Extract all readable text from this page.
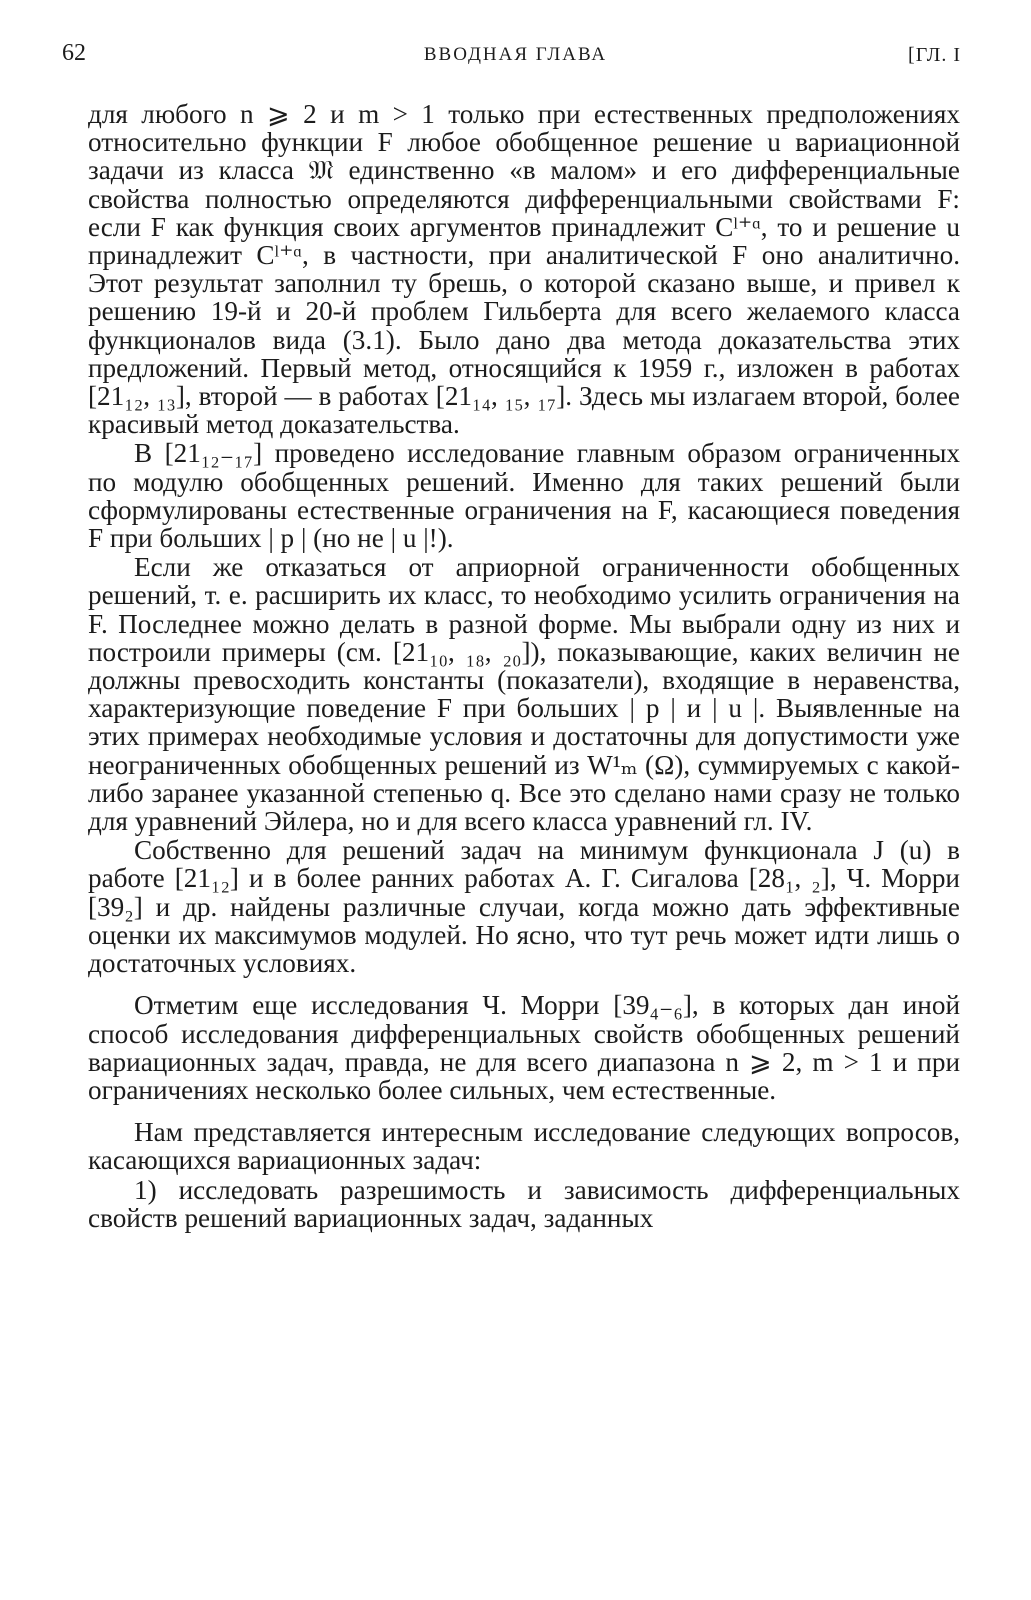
62	ВВОДНАЯ ГЛАВА	[ГЛ. I

для любого n ⩾ 2 и m > 1 только при естественных предположениях относительно функции F любое обобщенное решение u вариационной задачи из класса 𝔐 единственно «в малом» и его дифференциальные свойства полностью определяются дифференциальными свойствами F: если F как функция своих аргументов принадлежит Cˡ⁺ᵅ, то и решение u принадлежит Cˡ⁺ᵅ, в частности, при аналитической F оно аналитично. Этот результат заполнил ту брешь, о которой сказано выше, и привел к решению 19-й и 20-й проблем Гильберта для всего желаемого класса функционалов вида (3.1). Было дано два метода доказательства этих предложений. Первый метод, относящийся к 1959 г., изложен в работах [21₁₂, ₁₃], второй — в работах [21₁₄, ₁₅, ₁₇]. Здесь мы излагаем второй, более красивый метод доказательства.

В [21₁₂₋₁₇] проведено исследование главным образом ограниченных по модулю обобщенных решений. Именно для таких решений были сформулированы естественные ограничения на F, касающиеся поведения F при больших | p | (но не | u |!).

Если же отказаться от априорной ограниченности обобщенных решений, т. е. расширить их класс, то необходимо усилить ограничения на F. Последнее можно делать в разной форме. Мы выбрали одну из них и построили примеры (см. [21₁₀, ₁₈, ₂₀]), показывающие, каких величин не должны превосходить константы (показатели), входящие в неравенства, характеризующие поведение F при больших | p | и | u |. Выявленные на этих примерах необходимые условия и достаточны для допустимости уже неограниченных обобщенных решений из W¹ₘ (Ω), суммируемых с какой-либо заранее указанной степенью q. Все это сделано нами сразу не только для уравнений Эйлера, но и для всего класса уравнений гл. IV.

Собственно для решений задач на минимум функционала J (u) в работе [21₁₂] и в более ранних работах А. Г. Сигалова [28₁, ₂], Ч. Морри [39₂] и др. найдены различные случаи, когда можно дать эффективные оценки их максимумов модулей. Но ясно, что тут речь может идти лишь о достаточных условиях.

Отметим еще исследования Ч. Морри [39₄₋₆], в которых дан иной способ исследования дифференциальных свойств обобщенных решений вариационных задач, правда, не для всего диапазона n ⩾ 2, m > 1 и при ограничениях несколько более сильных, чем естественные.

Нам представляется интересным исследование следующих вопросов, касающихся вариационных задач:

1) исследовать разрешимость и зависимость дифференциальных свойств решений вариационных задач, заданных
